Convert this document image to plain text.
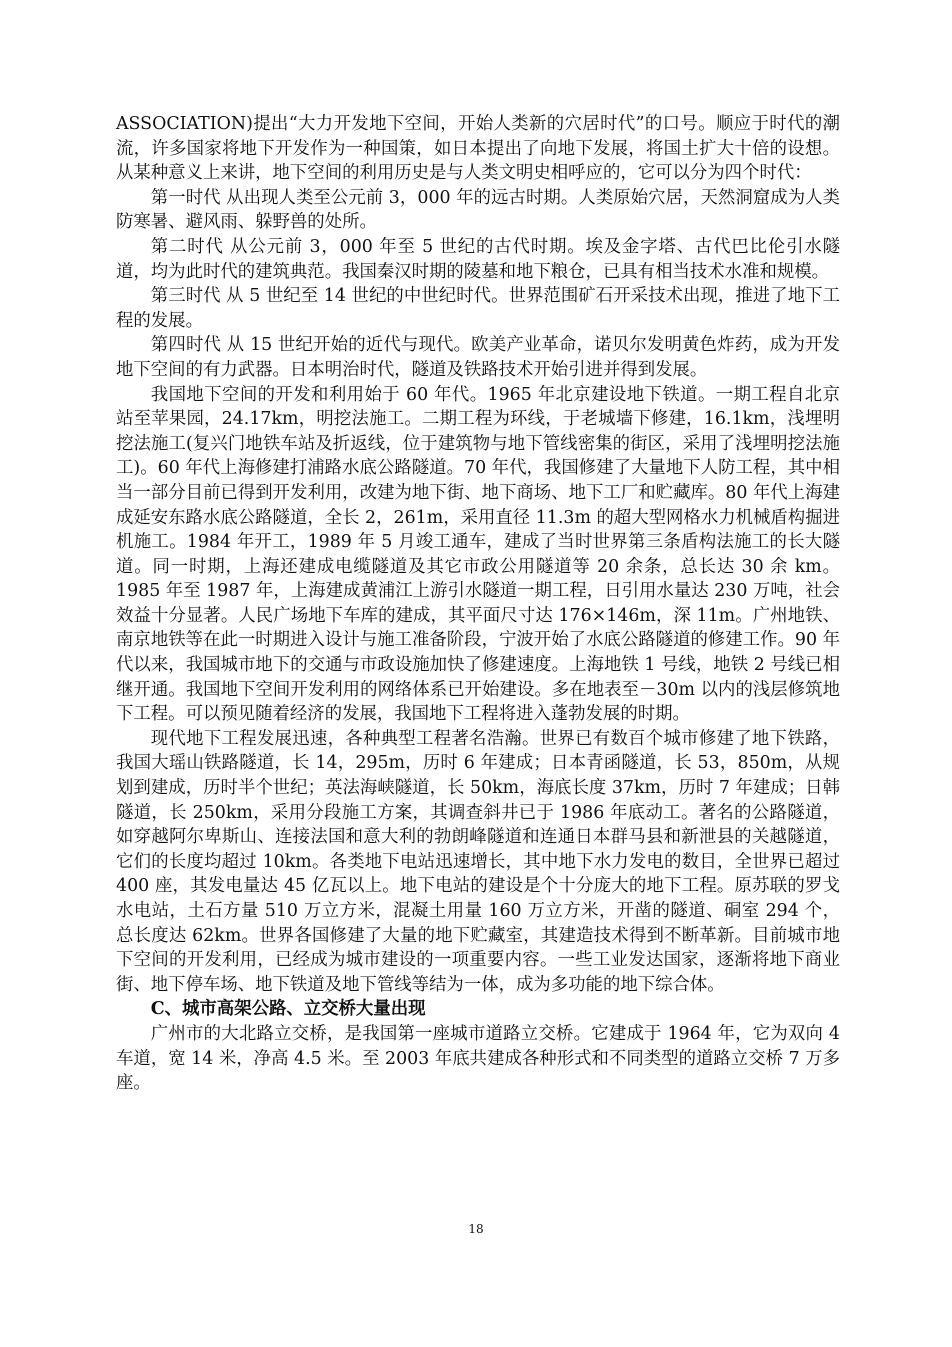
ASSOCIATION)提出“大力开发地下空间，开始人类新的穴居时代”的口号。顺应于时代的潮流，许多国家将地下开发作为一种国策，如日本提出了向地下发展，将国土扩大十倍的设想。从某种意义上来讲，地下空间的利用历史是与人类文明史相呼应的，它可以分为四个时代：

第一时代 从出现人类至公元前 3，000 年的远古时期。人类原始穴居，天然洞窟成为人类防寒暑、避风雨、躲野兽的处所。

第二时代 从公元前 3，000 年至 5 世纪的古代时期。埃及金字塔、古代巴比伦引水隧道，均为此时代的建筑典范。我国秦汉时期的陵墓和地下粮仓，已具有相当技术水准和规模。

第三时代 从 5 世纪至 14 世纪的中世纪时代。世界范围矿石开采技术出现，推进了地下工程的发展。

第四时代 从 15 世纪开始的近代与现代。欧美产业革命，诺贝尔发明黄色炸药，成为开发地下空间的有力武器。日本明治时代，隧道及铁路技术开始引进并得到发展。

我国地下空间的开发和利用始于 60 年代。1965 年北京建设地下铁道。一期工程自北京站至苹果园，24.17km，明挖法施工。二期工程为环线，于老城墙下修建，16.1km，浅埋明挖法施工(复兴门地铁车站及折返线，位于建筑物与地下管线密集的街区，采用了浅埋明挖法施工)。60 年代上海修建打浦路水底公路隧道。70 年代，我国修建了大量地下人防工程，其中相当一部分目前已得到开发利用，改建为地下街、地下商场、地下工厂和贮藏库。80 年代上海建成延安东路水底公路隧道，全长 2，261m，采用直径 11.3m 的超大型网格水力机械盾构掘进机施工。1984 年开工，1989 年 5 月竣工通车，建成了当时世界第三条盾构法施工的长大隧道。同一时期，上海还建成电缆隧道及其它市政公用隧道等 20 余条，总长达 30 余 km。1985 年至 1987 年，上海建成黄浦江上游引水隧道一期工程，日引用水量达 230 万吨，社会效益十分显著。人民广场地下车库的建成，其平面尺寸达 176×146m，深 11m。广州地铁、南京地铁等在此一时期进入设计与施工准备阶段，宁波开始了水底公路隧道的修建工作。90 年代以来，我国城市地下的交通与市政设施加快了修建速度。上海地铁 1 号线，地铁 2 号线已相继开通。我国地下空间开发利用的网络体系已开始建设。多在地表至－30m 以内的浅层修筑地下工程。可以预见随着经济的发展，我国地下工程将进入蓬勃发展的时期。

现代地下工程发展迅速，各种典型工程著名浩瀚。世界已有数百个城市修建了地下铁路，我国大瑶山铁路隧道，长 14，295m，历时 6 年建成；日本青函隧道，长 53，850m，从规划到建成，历时半个世纪；英法海峡隧道，长 50km，海底长度 37km，历时 7 年建成；日韩隧道，长 250km，采用分段施工方案，其调查斜井已于 1986 年底动工。著名的公路隧道，如穿越阿尔卑斯山、连接法国和意大利的勃朗峰隧道和连通日本群马县和新泄县的关越隧道，它们的长度均超过 10km。各类地下电站迅速增长，其中地下水力发电的数目，全世界已超过 400 座，其发电量达 45 亿瓦以上。地下电站的建设是个十分庞大的地下工程。原苏联的罗戈水电站，土石方量 510 万立方米，混凝土用量 160 万立方米，开凿的隧道、硐室 294 个，总长度达 62km。世界各国修建了大量的地下贮藏室，其建造技术得到不断革新。目前城市地下空间的开发利用，已经成为城市建设的一项重要内容。一些工业发达国家，逐渐将地下商业街、地下停车场、地下铁道及地下管线等结为一体，成为多功能的地下综合体。

C、城市高架公路、立交桥大量出现

广州市的大北路立交桥，是我国第一座城市道路立交桥。它建成于 1964 年，它为双向 4 车道，宽 14 米，净高 4.5 米。至 2003 年底共建成各种形式和不同类型的道路立交桥 7 万多座。

18
